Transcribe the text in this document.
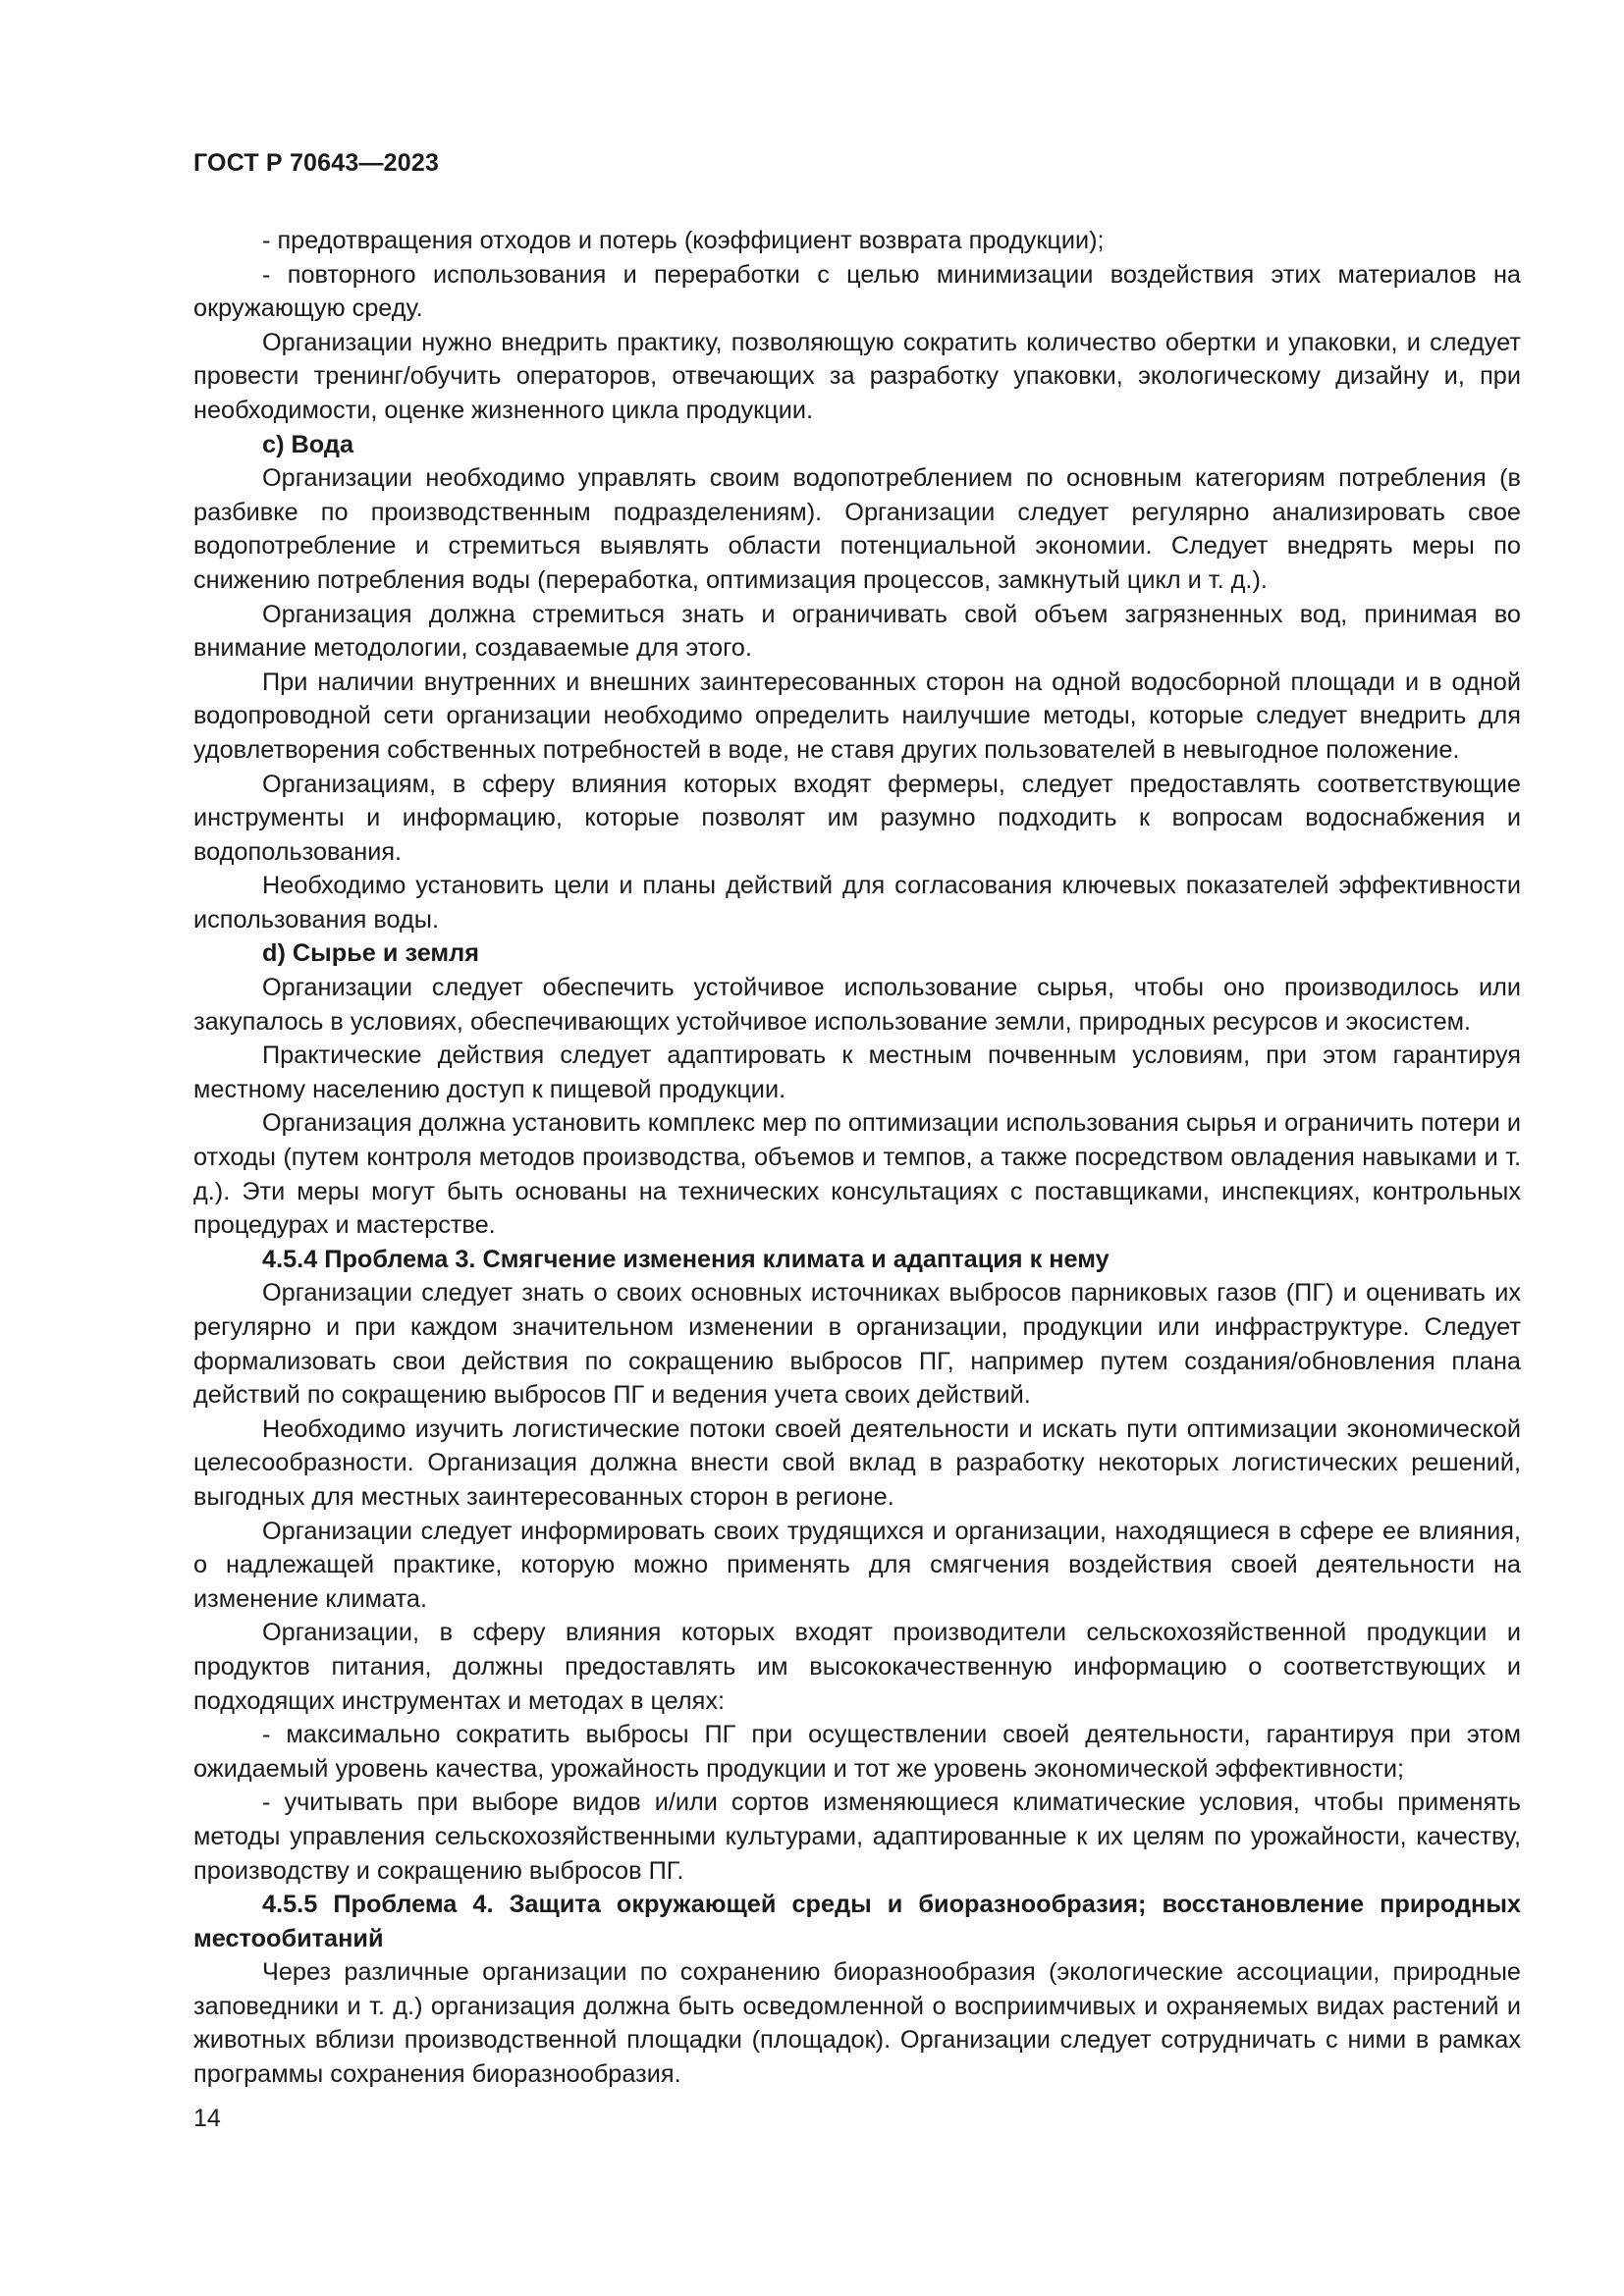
ГОСТ Р 70643—2023

- предотвращения отходов и потерь (коэффициент возврата продукции);

- повторного использования и переработки с целью минимизации воздействия этих материалов на окружающую среду.

Организации нужно внедрить практику, позволяющую сократить количество обертки и упаковки, и следует провести тренинг/обучить операторов, отвечающих за разработку упаковки, экологическому дизайну и, при необходимости, оценке жизненного цикла продукции.

c) Вода

Организации необходимо управлять своим водопотреблением по основным категориям потребления (в разбивке по производственным подразделениям). Организации следует регулярно анализировать свое водопотребление и стремиться выявлять области потенциальной экономии. Следует внедрять меры по снижению потребления воды (переработка, оптимизация процессов, замкнутый цикл и т. д.).

Организация должна стремиться знать и ограничивать свой объем загрязненных вод, принимая во внимание методологии, создаваемые для этого.

При наличии внутренних и внешних заинтересованных сторон на одной водосборной площади и в одной водопроводной сети организации необходимо определить наилучшие методы, которые следует внедрить для удовлетворения собственных потребностей в воде, не ставя других пользователей в невыгодное положение.

Организациям, в сферу влияния которых входят фермеры, следует предоставлять соответствующие инструменты и информацию, которые позволят им разумно подходить к вопросам водоснабжения и водопользования.

Необходимо установить цели и планы действий для согласования ключевых показателей эффективности использования воды.

d) Сырье и земля

Организации следует обеспечить устойчивое использование сырья, чтобы оно производилось или закупалось в условиях, обеспечивающих устойчивое использование земли, природных ресурсов и экосистем.

Практические действия следует адаптировать к местным почвенным условиям, при этом гарантируя местному населению доступ к пищевой продукции.

Организация должна установить комплекс мер по оптимизации использования сырья и ограничить потери и отходы (путем контроля методов производства, объемов и темпов, а также посредством овладения навыками и т. д.). Эти меры могут быть основаны на технических консультациях с поставщиками, инспекциях, контрольных процедурах и мастерстве.

4.5.4 Проблема 3. Смягчение изменения климата и адаптация к нему

Организации следует знать о своих основных источниках выбросов парниковых газов (ПГ) и оценивать их регулярно и при каждом значительном изменении в организации, продукции или инфраструктуре. Следует формализовать свои действия по сокращению выбросов ПГ, например путем создания/обновления плана действий по сокращению выбросов ПГ и ведения учета своих действий.

Необходимо изучить логистические потоки своей деятельности и искать пути оптимизации экономической целесообразности. Организация должна внести свой вклад в разработку некоторых логистических решений, выгодных для местных заинтересованных сторон в регионе.

Организации следует информировать своих трудящихся и организации, находящиеся в сфере ее влияния, о надлежащей практике, которую можно применять для смягчения воздействия своей деятельности на изменение климата.

Организации, в сферу влияния которых входят производители сельскохозяйственной продукции и продуктов питания, должны предоставлять им высококачественную информацию о соответствующих и подходящих инструментах и методах в целях:

- максимально сократить выбросы ПГ при осуществлении своей деятельности, гарантируя при этом ожидаемый уровень качества, урожайность продукции и тот же уровень экономической эффективности;

- учитывать при выборе видов и/или сортов изменяющиеся климатические условия, чтобы применять методы управления сельскохозяйственными культурами, адаптированные к их целям по урожайности, качеству, производству и сокращению выбросов ПГ.

4.5.5 Проблема 4. Защита окружающей среды и биоразнообразия; восстановление природных местообитаний

Через различные организации по сохранению биоразнообразия (экологические ассоциации, природные заповедники и т. д.) организация должна быть осведомленной о восприимчивых и охраняемых видах растений и животных вблизи производственной площадки (площадок). Организации следует сотрудничать с ними в рамках программы сохранения биоразнообразия.

14
